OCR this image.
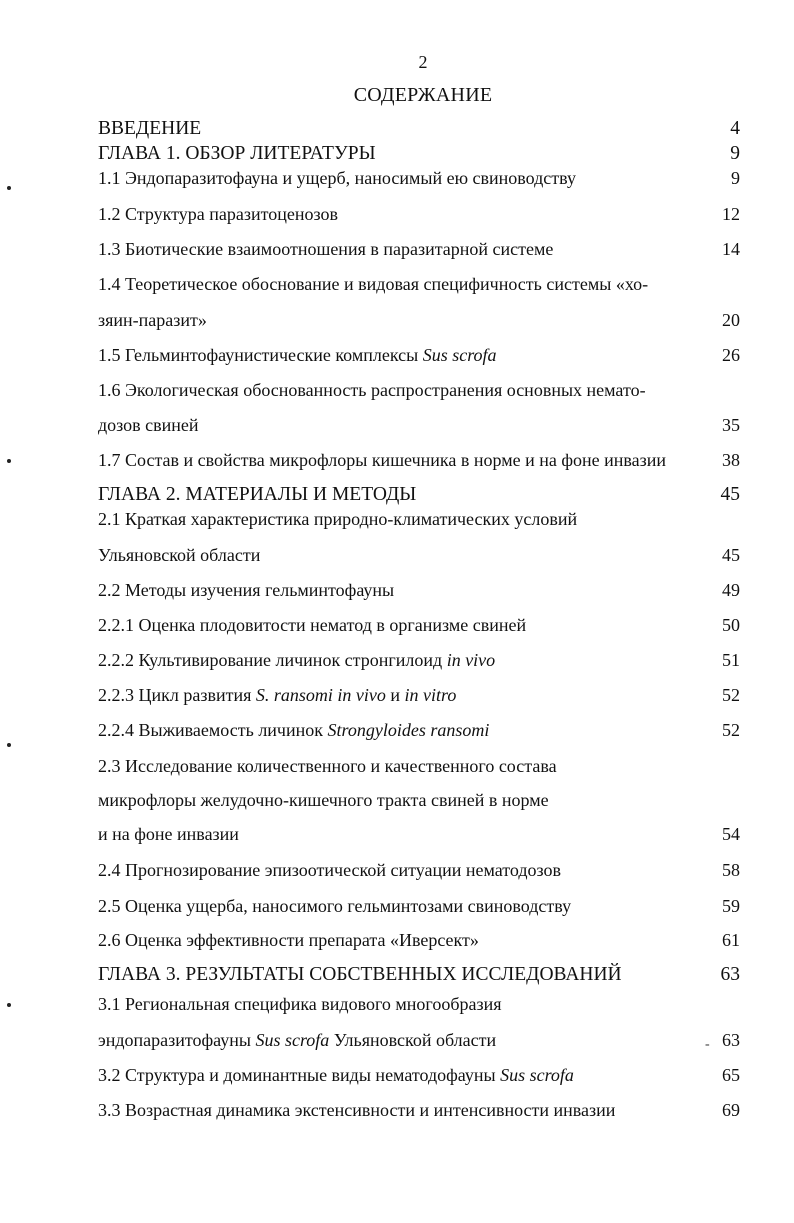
2
СОДЕРЖАНИЕ
ВВЕДЕНИЕ	4
ГЛАВА 1. ОБЗОР ЛИТЕРАТУРЫ	9
1.1 Эндопаразитофауна и ущерб, наносимый ею свиноводству	9
1.2 Структура паразитоценозов	12
1.3 Биотические взаимоотношения в паразитарной системе	14
1.4 Теоретическое обоснование и видовая специфичность системы «хо-
зяин-паразит»	20
1.5 Гельминтофаунистические комплексы Sus scrofa	26
1.6 Экологическая обоснованность распространения основных немато-
дозов свиней	35
1.7 Состав и свойства микрофлоры кишечника в норме и на фоне инвазии	38
ГЛАВА 2. МАТЕРИАЛЫ И МЕТОДЫ	45
2.1 Краткая характеристика природно-климатических условий
Ульяновской области	45
2.2 Методы изучения гельминтофауны	49
2.2.1 Оценка плодовитости нематод в организме свиней	50
2.2.2 Культивирование личинок стронгилоид in vivo	51
2.2.3 Цикл развития S. ransomi in vivo и in vitro	52
2.2.4 Выживаемость личинок Strongyloides ransomi	52
2.3 Исследование количественного и качественного состава
микрофлоры желудочно-кишечного тракта свиней в норме
и на фоне инвазии	54
2.4 Прогнозирование эпизоотической ситуации нематодозов	58
2.5 Оценка ущерба, наносимого гельминтозами свиноводству	59
2.6 Оценка эффективности препарата «Иверсект»	61
ГЛАВА 3. РЕЗУЛЬТАТЫ СОБСТВЕННЫХ ИССЛЕДОВАНИЙ	63
3.1 Региональная специфика видового многообразия
эндопаразитофауны Sus scrofa Ульяновской области	63
3.2 Структура и доминантные виды нематодофауны Sus scrofa	65
3.3 Возрастная динамика экстенсивности и интенсивности инвазии	69
-
